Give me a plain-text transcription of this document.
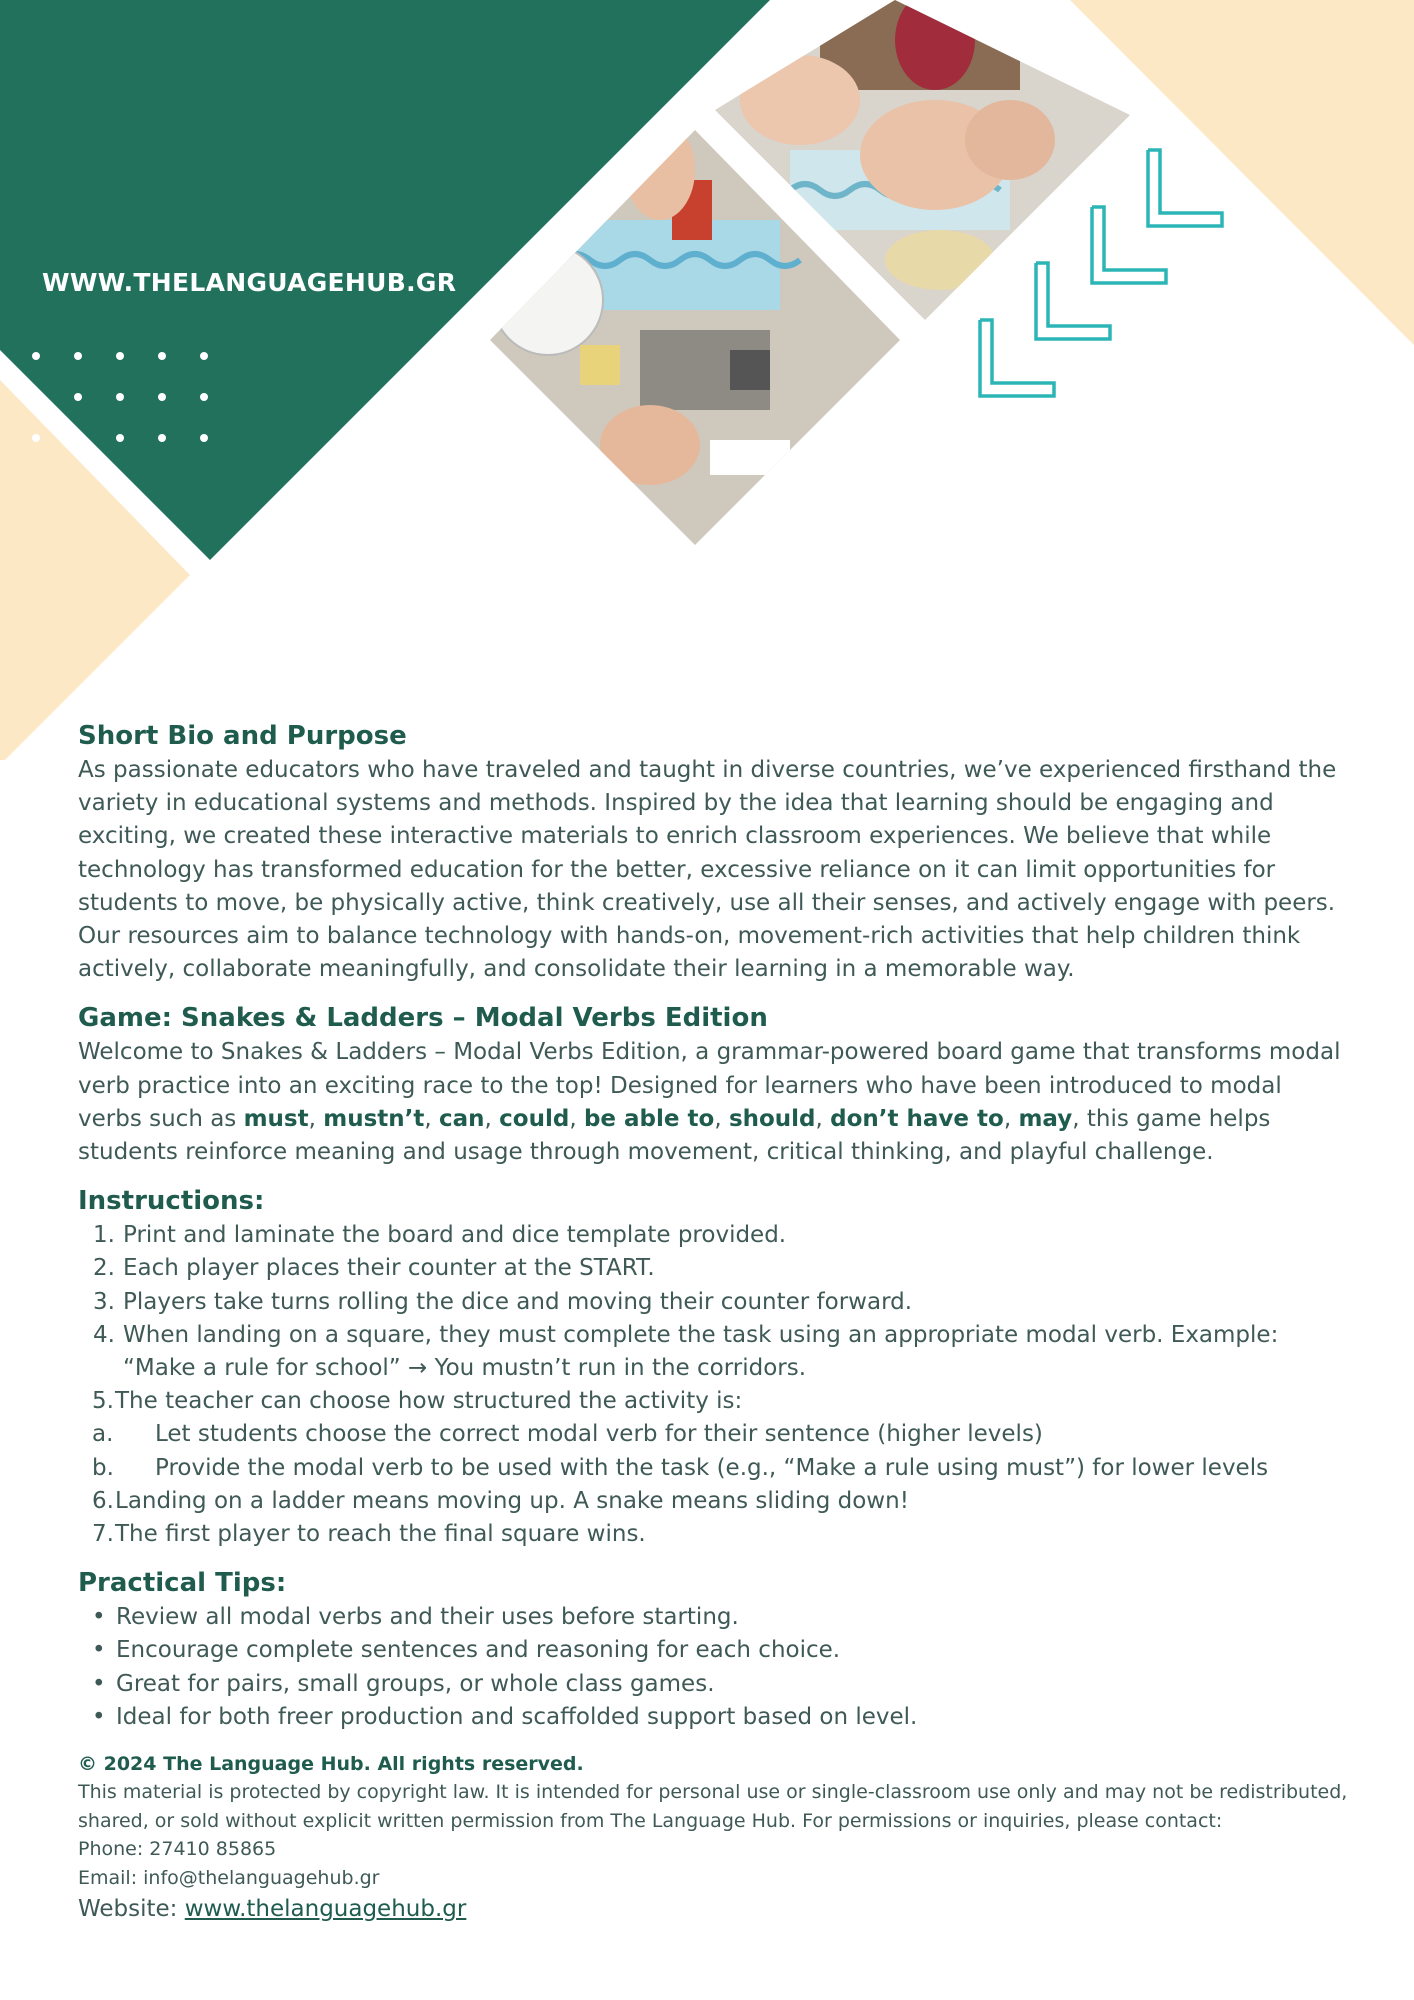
WWW.THELANGUAGEHUB.GR
Short Bio and Purpose

As passionate educators who have traveled and taught in diverse countries, we’ve experienced firsthand the variety in educational systems and methods. Inspired by the idea that learning should be engaging and exciting, we created these interactive materials to enrich classroom experiences. We believe that while technology has transformed education for the better, excessive reliance on it can limit opportunities for students to move, be physically active, think creatively, use all their senses, and actively engage with peers. Our resources aim to balance technology with hands-on, movement-rich activities that help children think actively, collaborate meaningfully, and consolidate their learning in a memorable way.

Game: Snakes & Ladders – Modal Verbs Edition

Welcome to Snakes & Ladders – Modal Verbs Edition, a grammar-powered board game that transforms modal verb practice into an exciting race to the top! Designed for learners who have been introduced to modal verbs such as must, mustn’t, can, could, be able to, should, don’t have to, may, this game helps students reinforce meaning and usage through movement, critical thinking, and playful challenge.

Instructions:
1. Print and laminate the board and dice template provided.
2. Each player places their counter at the START.
3. Players take turns rolling the dice and moving their counter forward.
4. When landing on a square, they must complete the task using an appropriate modal verb. Example: “Make a rule for school” → You mustn’t run in the corridors.
5. The teacher can choose how structured the activity is:
a. Let students choose the correct modal verb for their sentence (higher levels)
b. Provide the modal verb to be used with the task (e.g., “Make a rule using must”) for lower levels
6. Landing on a ladder means moving up. A snake means sliding down!
7. The first player to reach the final square wins.
Practical Tips:
• Review all modal verbs and their uses before starting.
• Encourage complete sentences and reasoning for each choice.
• Great for pairs, small groups, or whole class games.
• Ideal for both freer production and scaffolded support based on level.
© 2024 The Language Hub. All rights reserved.

This material is protected by copyright law. It is intended for personal use or single-classroom use only and may not be redistributed, shared, or sold without explicit written permission from The Language Hub. For permissions or inquiries, please contact:

Phone: 27410 85865

Email: info@thelanguagehub.gr

Website: www.thelanguagehub.gr
